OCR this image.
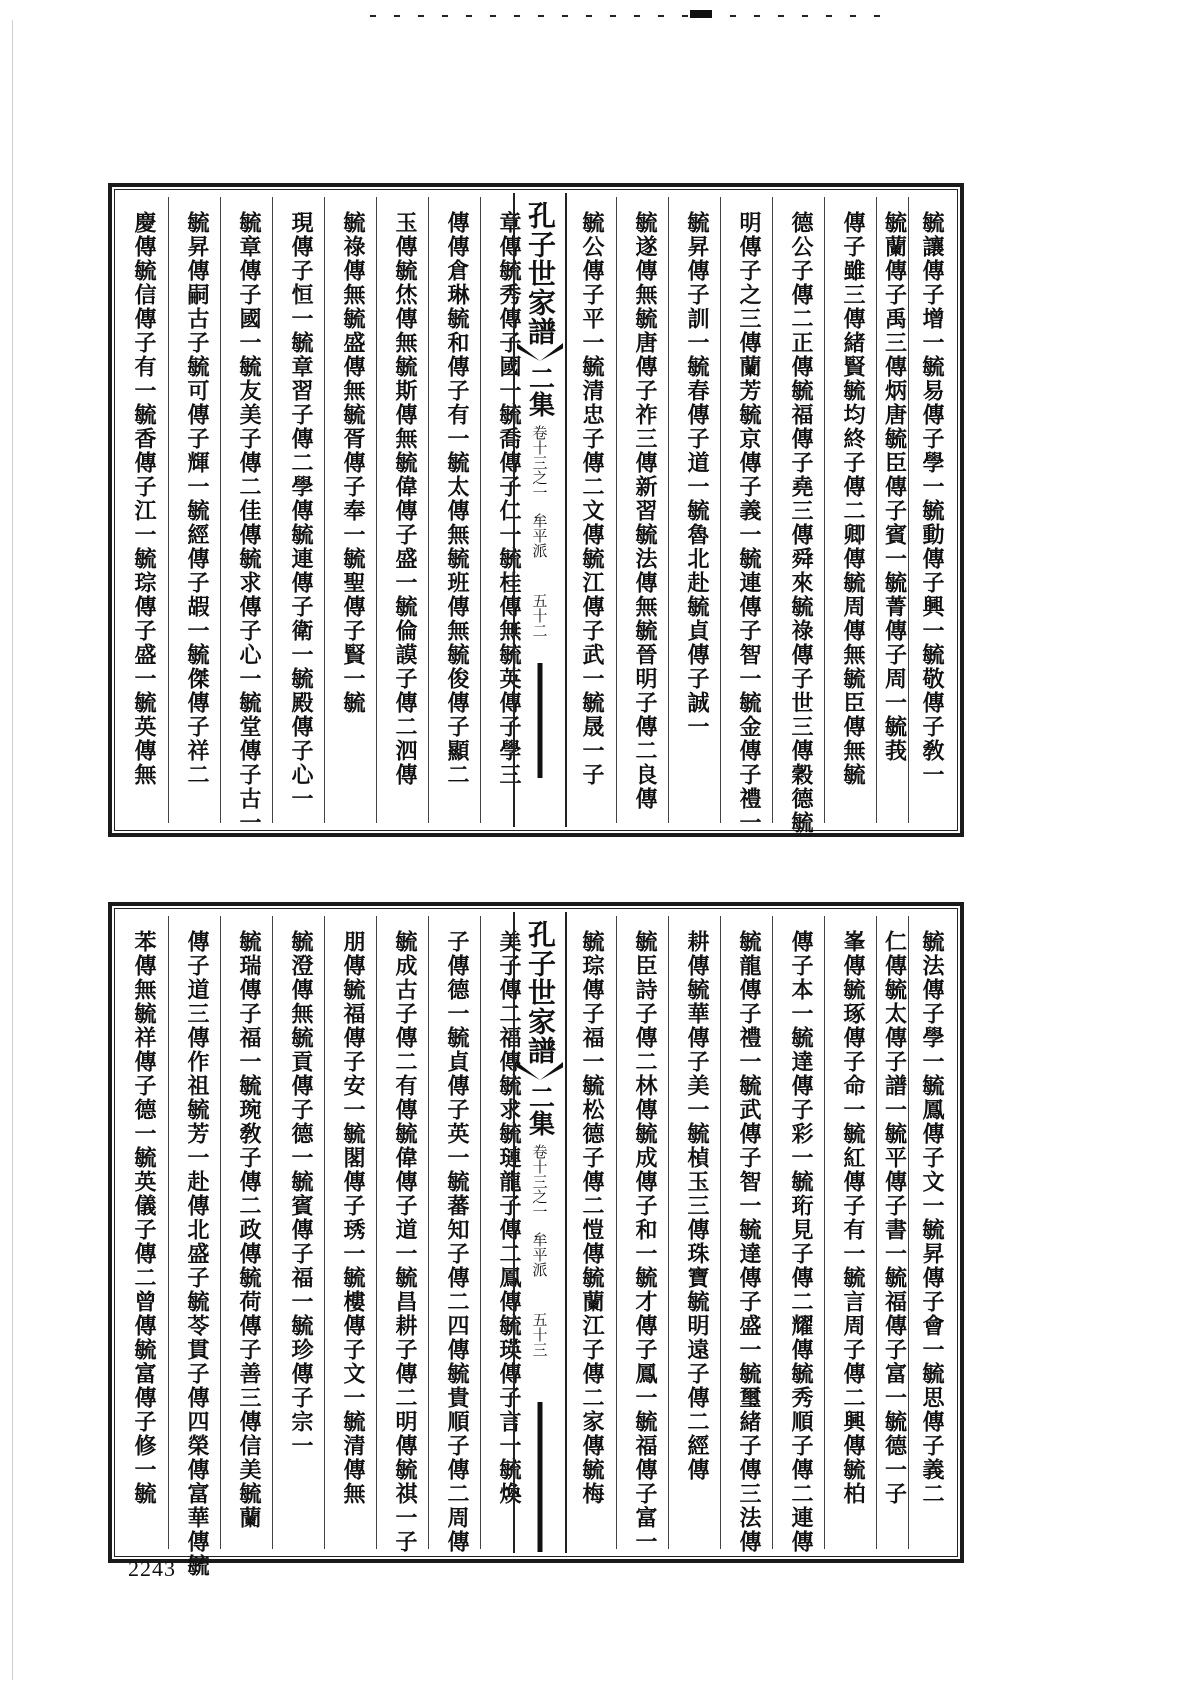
慶傳毓信傳子有一毓香傳子江一毓琮傳子盛一毓英傳無 毓昇傳嗣古子毓可傳子輝一毓經傳子嘏一毓傑傳子祥二 毓章傳子國一毓友美子傳二佳傳毓求傳子心一毓堂傳子古一 現傳子恒一毓章習子傳二學傳毓連傳子衛一毓殿傳子心一 毓祿傳無毓盛傳無毓胥傳子奉一毓聖傳子賢一毓 玉傳毓烋傳無毓斯傳無毓偉傳子盛一毓倫謨子傳二泗傳 傳傳倉琳毓和傳子有一毓太傳無毓班傳無毓俊傳子顯二 章傳毓秀傳子國一毓喬傳子仁一毓桂傳無毓英傳子學三 孔子世家譜
二集
卷十三之一
牟平派
五十二 毓公傳子平一毓清忠子傳二文傳毓江傳子武一毓晟一子 毓遂傳無毓唐傳子祚三傳新習毓法傳無毓晉明子傳二良傳 毓昇傳子訓一毓春傳子道一毓魯北赴毓貞傳子誠一 明傳子之三傳蘭芳毓京傳子義一毓連傳子智一毓金傳子禮一 德公子傳二正傳毓福傳子堯三傳舜來毓祿傳子世三傳穀德毓 傳子雖三傳緒賢毓均終子傳二卿傳毓周傳無毓臣傳無毓 毓蘭傳子禹三傳炳唐毓臣傳子賓一毓菁傳子周一毓莪 毓讓傳子增一毓易傳子學一毓動傳子興一毓敬傳子敎一
苯傳無毓祥傳子德一毓英儀子傳二曾傳毓富傳子修一毓 傳子道三傳作祖毓芳一赴傳北盛子毓苓貫子傳四榮傳富華傳毓 毓瑞傳子福一毓琬敎子傳二政傳毓荷傳子善三傳信美毓蘭 毓澄傳無毓貢傳子德一毓賓傳子福一毓珍傳子宗一 朋傳毓福傳子安一毓閣傳子琇一毓樓傳子文一毓清傳無 毓成古子傳二有傳毓偉傳子道一毓昌耕子傳二明傳毓祺一子 子傳德一毓貞傳子英一毓蕃知子傳二四傳毓貴順子傳二周傳 美子傳二福傳毓求毓璉龍子傳二鳳傳毓瑛傳子言一毓煥 孔子世家譜
二集
卷十三之一
牟平派
五十三 毓琮傳子福一毓松德子傳二愷傳毓蘭江子傳二家傳毓梅 毓臣詩子傳二林傳毓成傳子和一毓才傳子鳳一毓福傳子富一 耕傳毓華傳子美一毓楨玉三傳珠寶毓明遠子傳二經傳 毓龍傳子禮一毓武傳子智一毓達傳子盛一毓璽緒子傳三法傳 傳子本一毓達傳子彩一毓珩見子傳二耀傳毓秀順子傳二連傳 峯傳毓琢傳子命一毓紅傳子有一毓言周子傳二興傳毓柏 仁傳毓太傳子譜一毓平傳子書一毓福傳子富一毓德一子 毓法傳子學一毓鳳傳子文一毓昇傳子會一毓思傳子義二
2243
